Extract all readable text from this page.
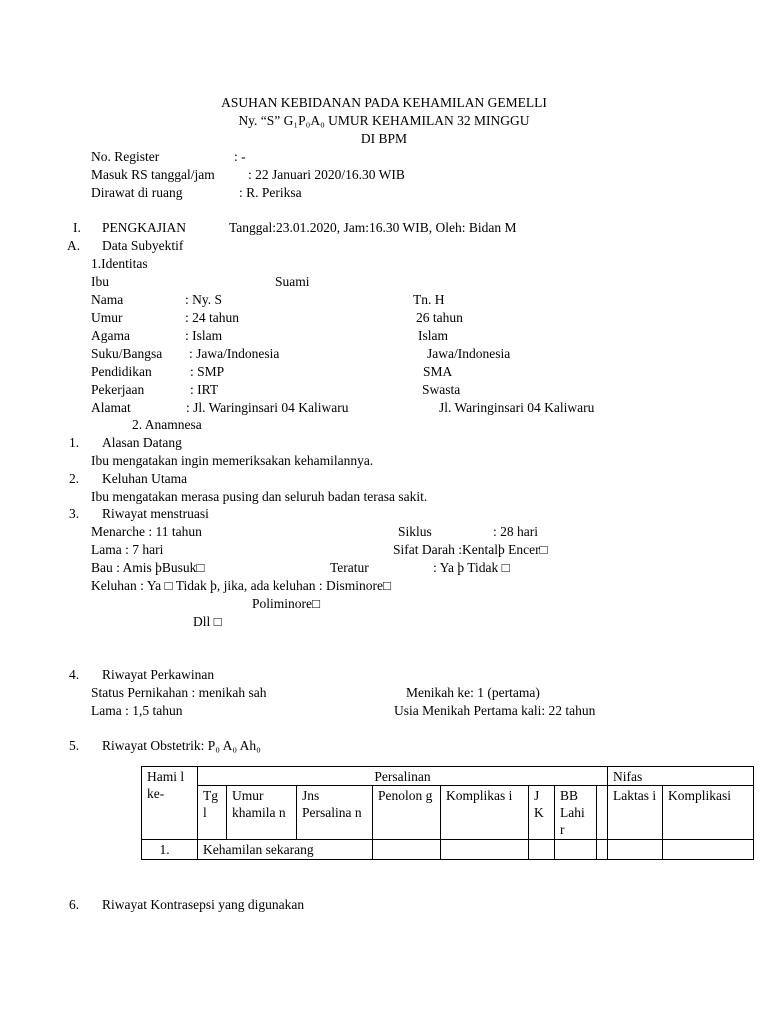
ASUHAN KEBIDANAN PADA KEHAMILAN GEMELLI
Ny. “S” G₁P₀A₀ UMUR KEHAMILAN 32 MINGGU
DI BPM
No. Register	: -
Masuk RS tanggal/jam : 22 Januari 2020/16.30 WIB
Dirawat di ruang	: R. Periksa
I. PENGKAJIAN	Tanggal:23.01.2020, Jam:16.30 WIB, Oleh: Bidan M
A. Data Subyektif
1.Identitas
Ibu	Suami
Nama	: Ny. S	Tn. H
Umur	: 24 tahun	26 tahun
Agama	: Islam	Islam
Suku/Bangsa : Jawa/Indonesia	Jawa/Indonesia
Pendidikan	: SMP	SMA
Pekerjaan	: IRT	Swasta
Alamat	: Jl. Waringinsari 04 Kaliwaru	Jl. Waringinsari 04 Kaliwaru
2. Anamnesa
1. Alasan Datang
Ibu mengatakan ingin memeriksakan kehamilannya.
2. Keluhan Utama
Ibu mengatakan merasa pusing dan seluruh badan terasa sakit.
3. Riwayat menstruasi
Menarche : 11 tahun	Siklus	: 28 hari
Lama : 7 hari	Sifat Darah :Kentalþ Encer□
Bau : Amis þBusuk□	Teratur	: Ya þ Tidak □
Keluhan : Ya □ Tidak þ, jika, ada keluhan : Disminore□
Poliminore□
Dll □
4. Riwayat Perkawinan
Status Pernikahan : menikah sah	Menikah ke: 1 (pertama)
Lama : 1,5 tahun	Usia Menikah Pertama kali: 22 tahun
5. Riwayat Obstetrik: P₀ A₀ Ah₀
Hami l ke-	Persalinan								Nifas	
	Tg l	Umur khamila n	Jns Persalina n	Penolon g	Komplikas i	J K	BB Lahi r		Laktas i	Komplikasi
1.	Kehamilan sekarang									
6. Riwayat Kontrasepsi yang digunakan
